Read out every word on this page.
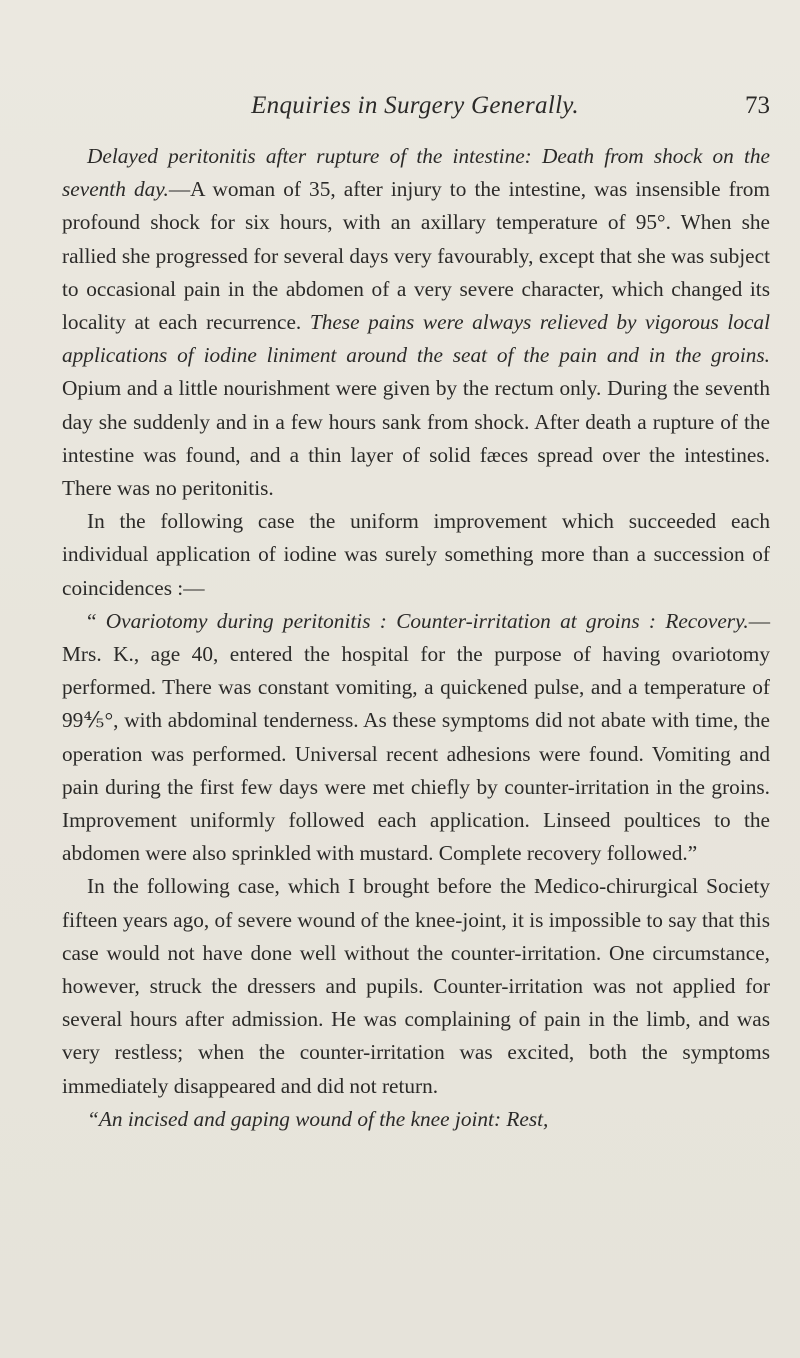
Enquiries in Surgery Generally.	73

Delayed peritonitis after rupture of the intestine: Death from shock on the seventh day.—A woman of 35, after injury to the intestine, was insensible from profound shock for six hours, with an axillary temperature of 95°. When she rallied she progressed for several days very favourably, except that she was subject to occasional pain in the abdomen of a very severe character, which changed its locality at each recurrence. These pains were always relieved by vigorous local applications of iodine liniment around the seat of the pain and in the groins. Opium and a little nourishment were given by the rectum only. During the seventh day she suddenly and in a few hours sank from shock. After death a rupture of the intestine was found, and a thin layer of solid fæces spread over the intestines. There was no peritonitis.

In the following case the uniform improvement which succeeded each individual application of iodine was surely something more than a succession of coincidences :—

“ Ovariotomy during peritonitis : Counter-irritation at groins : Recovery.—Mrs. K., age 40, entered the hospital for the purpose of having ovariotomy performed. There was constant vomiting, a quickened pulse, and a temperature of 99⅘°, with abdominal tenderness. As these symptoms did not abate with time, the operation was performed. Universal recent adhesions were found. Vomiting and pain during the first few days were met chiefly by counter-irritation in the groins. Improvement uniformly followed each application. Linseed poultices to the abdomen were also sprinkled with mustard. Complete recovery followed.”

In the following case, which I brought before the Medico-chirurgical Society fifteen years ago, of severe wound of the knee-joint, it is impossible to say that this case would not have done well without the counter-irritation. One circumstance, however, struck the dressers and pupils. Counter-irritation was not applied for several hours after admission. He was complaining of pain in the limb, and was very restless; when the counter-irritation was excited, both the symptoms immediately disappeared and did not return.

“An incised and gaping wound of the knee joint: Rest,
